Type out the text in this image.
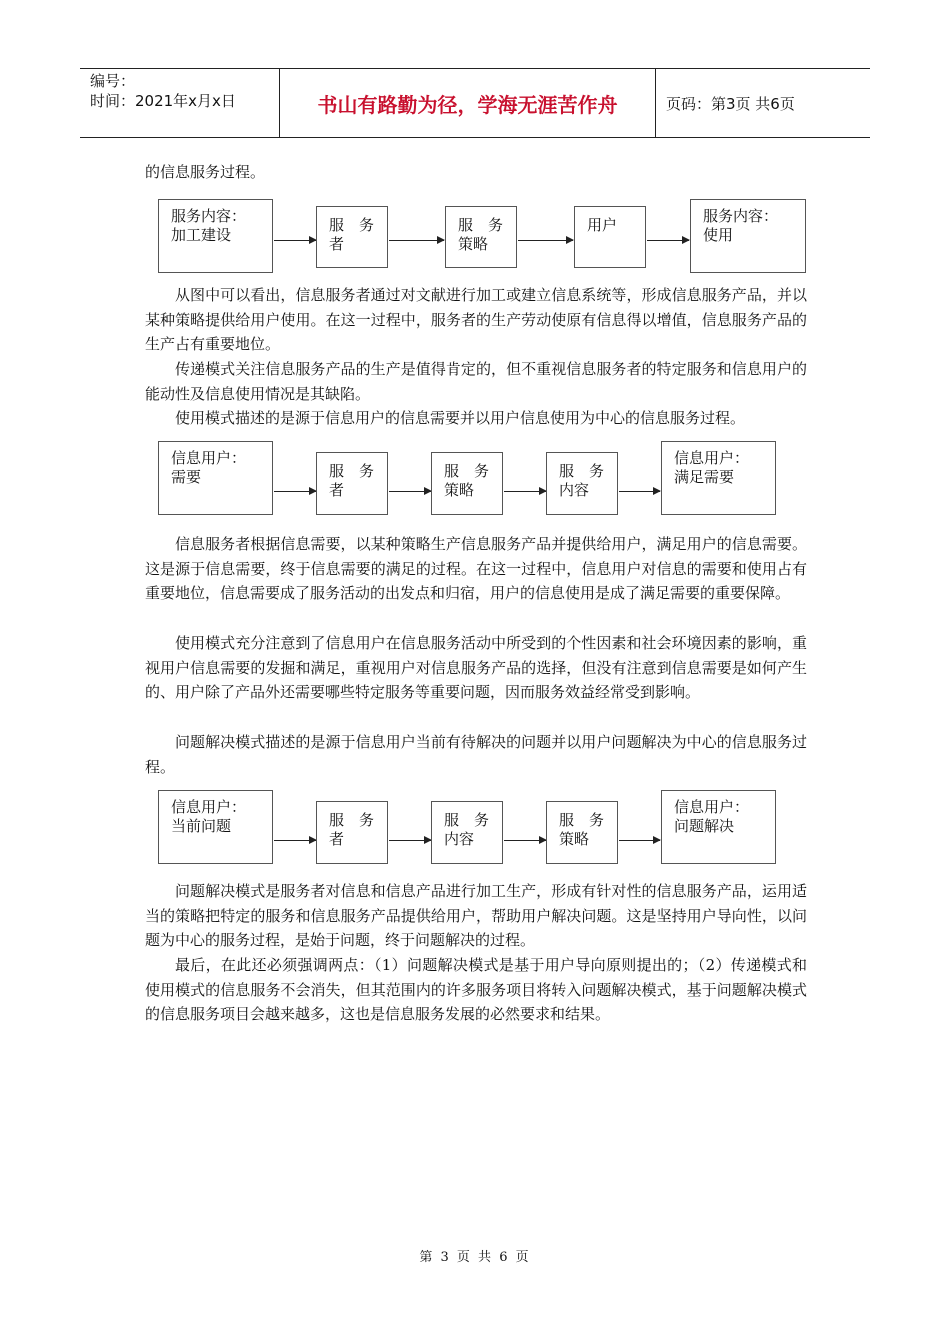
编号：
时间：2021年x月x日	书山有路勤为径，学海无涯苦作舟	页码：第3页 共6页

的信息服务过程。

服务内容：
加工建设
服　务
者
服　务
策略
用户	服务内容：
使用

从图中可以看出，信息服务者通过对文献进行加工或建立信息系统等，形成信息服务产品，并以某种策略提供给用户使用。在这一过程中，服务者的生产劳动使原有信息得以增值，信息服务产品的生产占有重要地位。

传递模式关注信息服务产品的生产是值得肯定的，但不重视信息服务者的特定服务和信息用户的能动性及信息使用情况是其缺陷。

使用模式描述的是源于信息用户的信息需要并以用户信息使用为中心的信息服务过程。

信息用户：
需要	服　务
者
服　务
策略
服　务
内容
信息用户：
满足需要

信息服务者根据信息需要，以某种策略生产信息服务产品并提供给用户，满足用户的信息需要。这是源于信息需要，终于信息需要的满足的过程。在这一过程中，信息用户对信息的需要和使用占有重要地位，信息需要成了服务活动的出发点和归宿，用户的信息使用是成了满足需要的重要保障。

使用模式充分注意到了信息用户在信息服务活动中所受到的个性因素和社会环境因素的影响，重视用户信息需要的发掘和满足，重视用户对信息服务产品的选择，但没有注意到信息需要是如何产生的、用户除了产品外还需要哪些特定服务等重要问题，因而服务效益经常受到影响。

问题解决模式描述的是源于信息用户当前有待解决的问题并以用户问题解决为中心的信息服务过程。

信息用户：
当前问题	服　务
者
服　务
内容
服　务
策略
信息用户：
问题解决

问题解决模式是服务者对信息和信息产品进行加工生产，形成有针对性的信息服务产品，运用适当的策略把特定的服务和信息服务产品提供给用户，帮助用户解决问题。这是坚持用户导向性，以问题为中心的服务过程，是始于问题，终于问题解决的过程。

最后，在此还必须强调两点：（1）问题解决模式是基于用户导向原则提出的；（2）传递模式和使用模式的信息服务不会消失，但其范围内的许多服务项目将转入问题解决模式，基于问题解决模式的信息服务项目会越来越多，这也是信息服务发展的必然要求和结果。

第 3 页 共 6 页
